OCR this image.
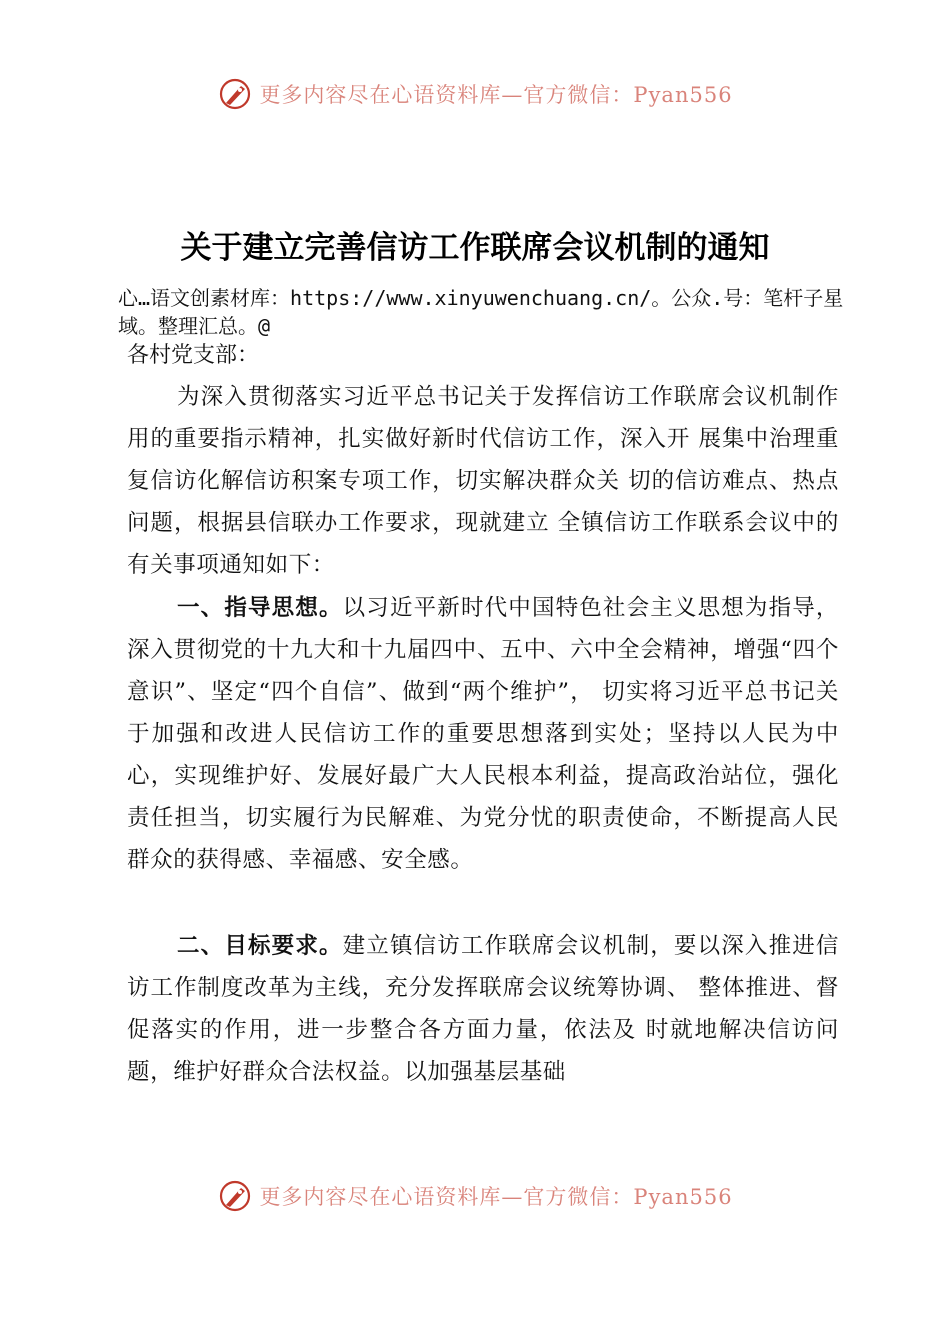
更多内容尽在心语资料库—官方微信：Pyan556
关于建立完善信访工作联席会议机制的通知
心…语文创素材库：https://www.xinyuwenchuang.cn/。公众.号：笔杆子星域。整理汇总。@
各村党支部：

为深入贯彻落实习近平总书记关于发挥信访工作联席会议机制作用的重要指示精神，扎实做好新时代信访工作，深入开 展集中治理重复信访化解信访积案专项工作，切实解决群众关 切的信访难点、热点问题，根据县信联办工作要求，现就建立 全镇信访工作联系会议中的有关事项通知如下：

一、指导思想。以习近平新时代中国特色社会主义思想为指导，深入贯彻党的十九大和十九届四中、五中、六中全会精神，增强“四个意识”、坚定“四个自信”、做到“两个维护”， 切实将习近平总书记关于加强和改进人民信访工作的重要思想落到实处；坚持以人民为中心，实现维护好、发展好最广大人民根本利益，提高政治站位，强化责任担当，切实履行为民解难、为党分忧的职责使命，不断提高人民群众的获得感、幸福感、安全感。

二、目标要求。建立镇信访工作联席会议机制，要以深入推进信访工作制度改革为主线，充分发挥联席会议统筹协调、 整体推进、督促落实的作用，进一步整合各方面力量，依法及 时就地解决信访问题，维护好群众合法权益。以加强基层基础

更多内容尽在心语资料库—官方微信：Pyan556
